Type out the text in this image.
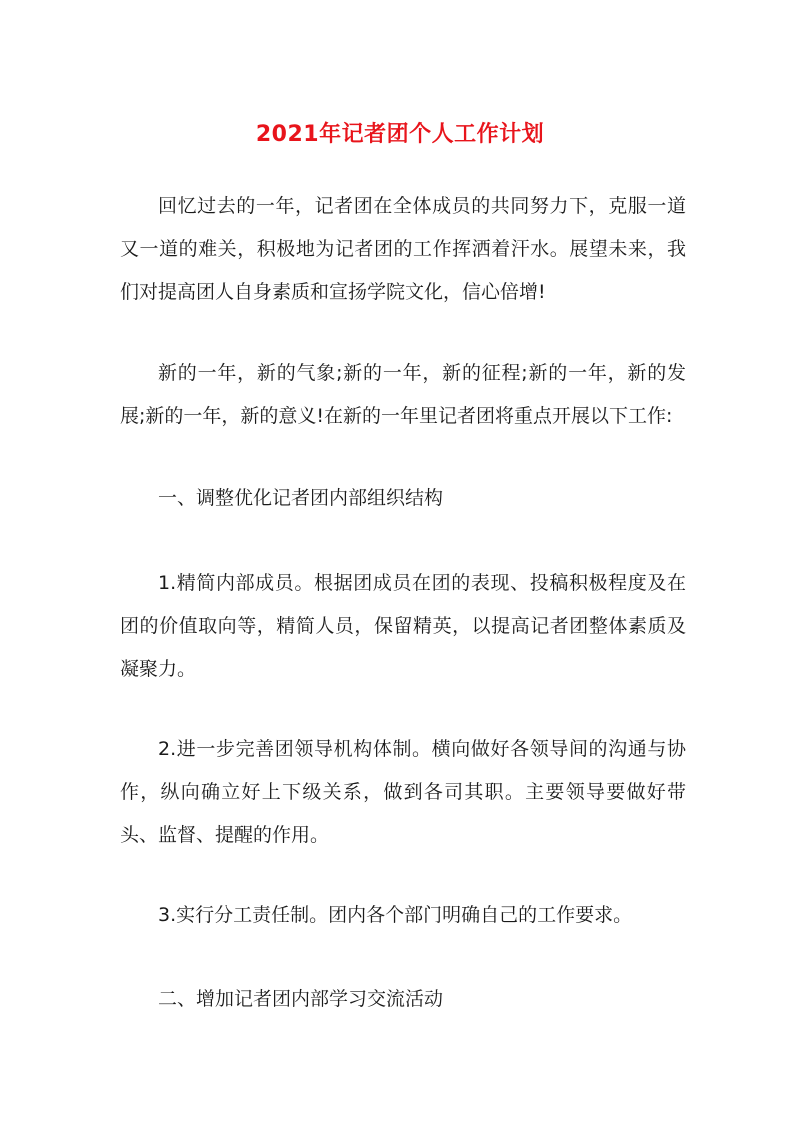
2021年记者团个人工作计划

回忆过去的一年，记者团在全体成员的共同努力下，克服一道又一道的难关，积极地为记者团的工作挥洒着汗水。展望未来，我们对提高团人自身素质和宣扬学院文化，信心倍增!

新的一年，新的气象;新的一年，新的征程;新的一年，新的发展;新的一年，新的意义!在新的一年里记者团将重点开展以下工作:

一、调整优化记者团内部组织结构

1.精简内部成员。根据团成员在团的表现、投稿积极程度及在团的价值取向等，精简人员，保留精英，以提高记者团整体素质及凝聚力。

2.进一步完善团领导机构体制。横向做好各领导间的沟通与协作，纵向确立好上下级关系，做到各司其职。主要领导要做好带头、监督、提醒的作用。

3.实行分工责任制。团内各个部门明确自己的工作要求。

二、增加记者团内部学习交流活动
